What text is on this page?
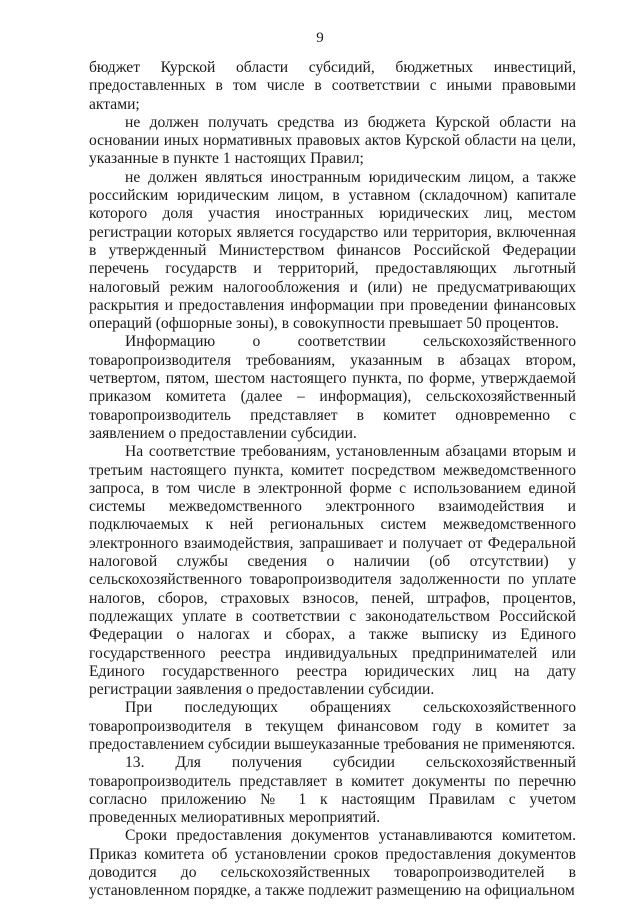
9

бюджет Курской области субсидий, бюджетных инвестиций, предоставленных в том числе в соответствии с иными правовыми актами;

не должен получать средства из бюджета Курской области на основании иных нормативных правовых актов Курской области на цели, указанные в пункте 1 настоящих Правил;

не должен являться иностранным юридическим лицом, а также российским юридическим лицом, в уставном (складочном) капитале которого доля участия иностранных юридических лиц, местом регистрации которых является государство или территория, включенная в утвержденный Министерством финансов Российской Федерации перечень государств и территорий, предоставляющих льготный налоговый режим налогообложения и (или) не предусматривающих раскрытия и предоставления информации при проведении финансовых операций (офшорные зоны), в совокупности превышает 50 процентов.

Информацию о соответствии сельскохозяйственного товаропроизводителя требованиям, указанным в абзацах втором, четвертом, пятом, шестом настоящего пункта, по форме, утверждаемой приказом комитета (далее – информация), сельскохозяйственный товаропроизводитель представляет в комитет одновременно с заявлением о предоставлении субсидии.

На соответствие требованиям, установленным абзацами вторым и третьим настоящего пункта, комитет посредством межведомственного запроса, в том числе в электронной форме с использованием единой системы межведомственного электронного взаимодействия и подключаемых к ней региональных систем межведомственного электронного взаимодействия, запрашивает и получает от Федеральной налоговой службы сведения о наличии (об отсутствии) у сельскохозяйственного товаропроизводителя задолженности по уплате налогов, сборов, страховых взносов, пеней, штрафов, процентов, подлежащих уплате в соответствии с законодательством Российской Федерации о налогах и сборах, а также выписку из Единого государственного реестра индивидуальных предпринимателей или Единого государственного реестра юридических лиц на дату регистрации заявления о предоставлении субсидии.

При последующих обращениях сельскохозяйственного товаропроизводителя в текущем финансовом году в комитет за предоставлением субсидии вышеуказанные требования не применяются.

13. Для получения субсидии сельскохозяйственный товаропроизводитель представляет в комитет документы по перечню согласно приложению № 1 к настоящим Правилам с учетом проведенных мелиоративных мероприятий.

Сроки предоставления документов устанавливаются комитетом. Приказ комитета об установлении сроков предоставления документов доводится до сельскохозяйственных товаропроизводителей в установленном порядке, а также подлежит размещению на официальном
